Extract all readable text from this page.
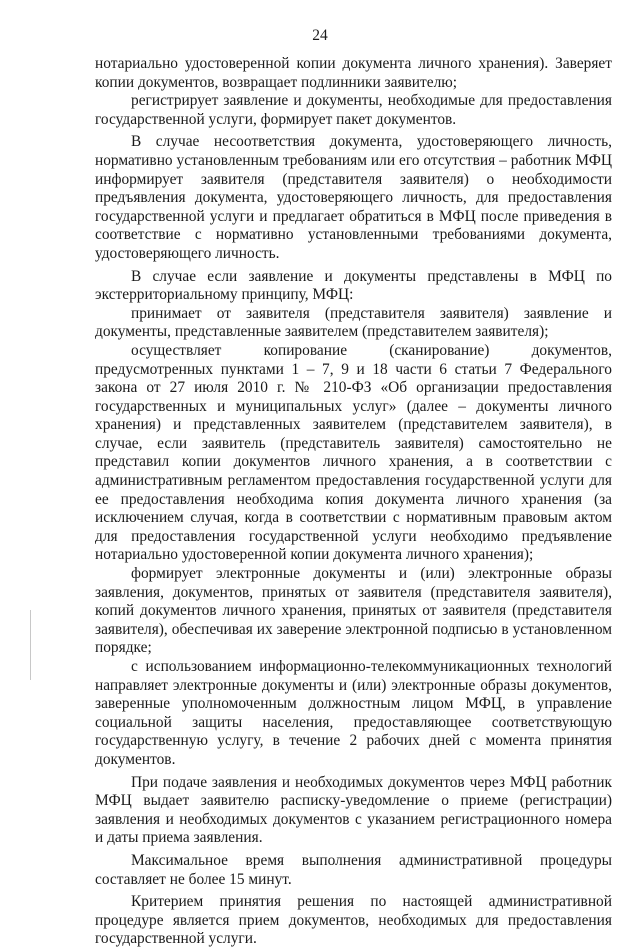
24

нотариально удостоверенной копии документа личного хранения). Заверяет копии документов, возвращает подлинники заявителю;

регистрирует заявление и документы, необходимые для предоставления государственной услуги, формирует пакет документов.

В случае несоответствия документа, удостоверяющего личность, нормативно установленным требованиям или его отсутствия – работник МФЦ информирует заявителя (представителя заявителя) о необходимости предъявления документа, удостоверяющего личность, для предоставления государственной услуги и предлагает обратиться в МФЦ после приведения в соответствие с нормативно установленными требованиями документа, удостоверяющего личность.

В случае если заявление и документы представлены в МФЦ по экстерриториальному принципу, МФЦ:

принимает от заявителя (представителя заявителя) заявление и документы, представленные заявителем (представителем заявителя);

осуществляет копирование (сканирование) документов, предусмотренных пунктами 1 – 7, 9 и 18 части 6 статьи 7 Федерального закона от 27 июля 2010 г. № 210-ФЗ «Об организации предоставления государственных и муниципальных услуг» (далее – документы личного хранения) и представленных заявителем (представителем заявителя), в случае, если заявитель (представитель заявителя) самостоятельно не представил копии документов личного хранения, а в соответствии с административным регламентом предоставления государственной услуги для ее предоставления необходима копия документа личного хранения (за исключением случая, когда в соответствии с нормативным правовым актом для предоставления государственной услуги необходимо предъявление нотариально удостоверенной копии документа личного хранения);

формирует электронные документы и (или) электронные образы заявления, документов, принятых от заявителя (представителя заявителя), копий документов личного хранения, принятых от заявителя (представителя заявителя), обеспечивая их заверение электронной подписью в установленном порядке;

с использованием информационно-телекоммуникационных технологий направляет электронные документы и (или) электронные образы документов, заверенные уполномоченным должностным лицом МФЦ, в управление социальной защиты населения, предоставляющее соответствующую государственную услугу, в течение 2 рабочих дней с момента принятия документов.

При подаче заявления и необходимых документов через МФЦ работник МФЦ выдает заявителю расписку-уведомление о приеме (регистрации) заявления и необходимых документов с указанием регистрационного номера и даты приема заявления.

Максимальное время выполнения административной процедуры составляет не более 15 минут.

Критерием принятия решения по настоящей административной процедуре является прием документов, необходимых для предоставления государственной услуги.
